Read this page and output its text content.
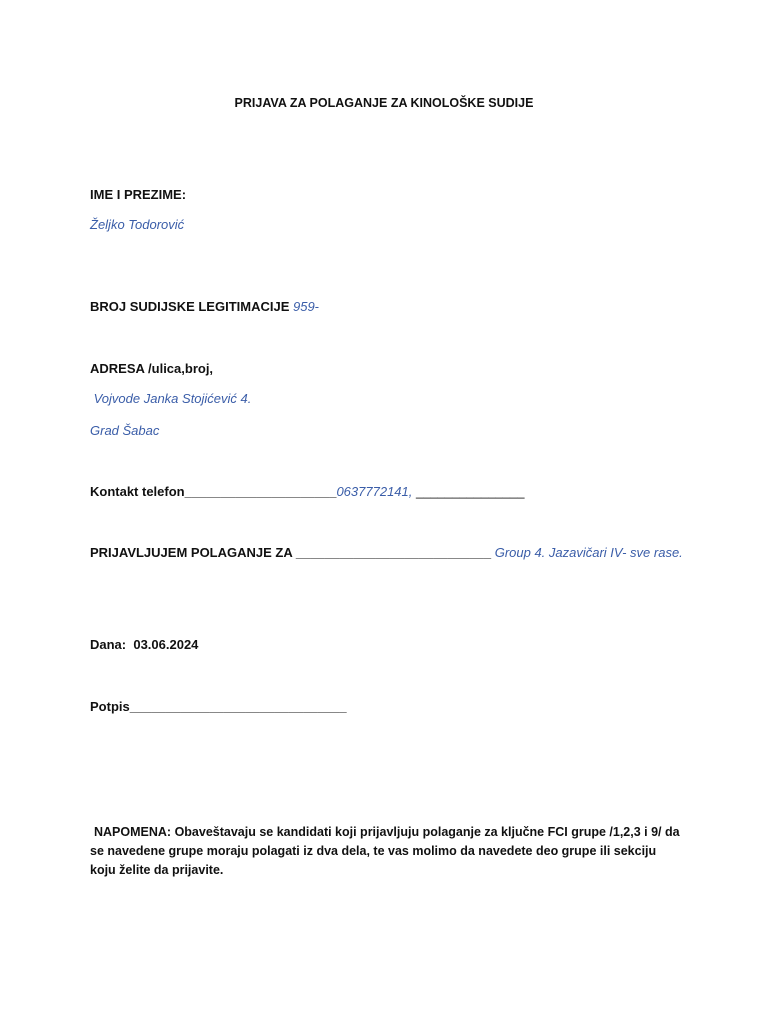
PRIJAVA ZA POLAGANJE ZA KINOLOŠKE SUDIJE
IME I PREZIME:
Željko Todorović
BROJ SUDIJSKE LEGITIMACIJE 959-
ADRESA /ulica,broj,
Vojvode Janka Stojićević 4.
Grad Šabac
Kontakt telefon_____________________0637772141, _______________
PRIJAVLJUJEM POLAGANJE ZA ___________________________ Group 4. Jazavičari IV- sve rase.
Dana:  03.06.2024
Potpis______________________________
NAPOMENA: Obaveštavaju se kandidati koji prijavljuju polaganje za ključne FCI grupe /1,2,3 i 9/ da se navedene grupe moraju polagati iz dva dela, te vas molimo da navedete deo grupe ili sekciju koju želite da prijavite.
